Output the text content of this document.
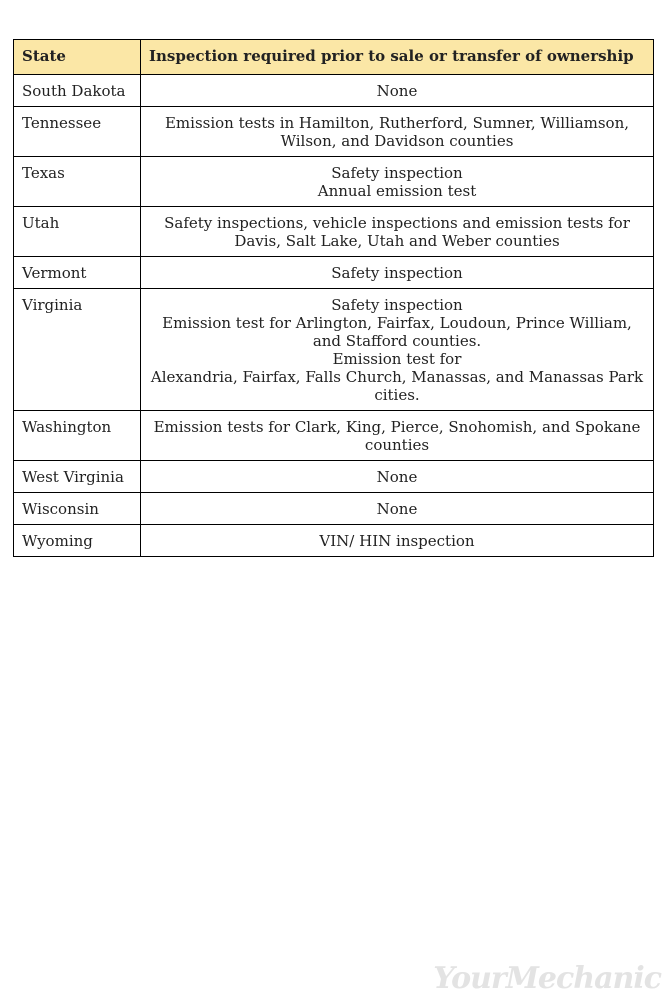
State	Inspection required prior to sale or transfer of ownership
South Dakota	None

Tennessee	Emission tests in Hamilton, Rutherford, Sumner, Williamson, Wilson, and Davidson counties

Texas	Safety inspection
Annual emission test

Utah	Safety inspections, vehicle inspections and emission tests for Davis, Salt Lake, Utah and Weber counties

Vermont	Safety inspection

Virginia	Safety inspection
Emission test for Arlington, Fairfax, Loudoun, Prince William, and Stafford counties.
Emission test for
Alexandria, Fairfax, Falls Church, Manassas, and Manassas Park cities.

Washington	Emission tests for Clark, King, Pierce, Snohomish, and Spokane counties

West Virginia	None

Wisconsin	None

Wyoming	VIN/ HIN inspection
YourMechanic
